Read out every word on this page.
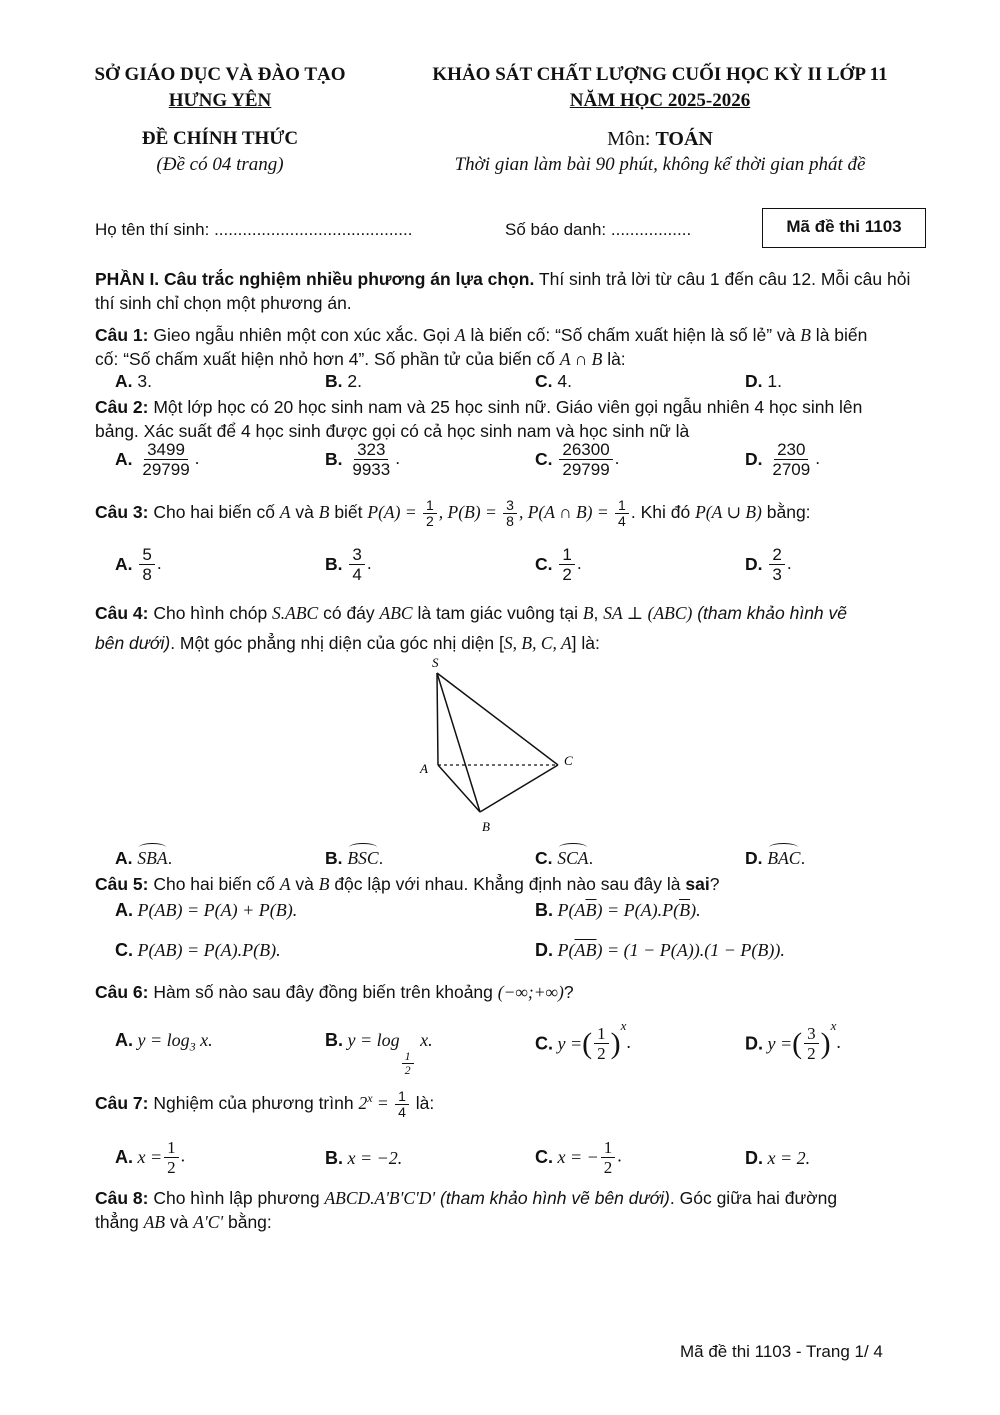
SỞ GIÁO DỤC VÀ ĐÀO TẠO
HƯNG YÊN
ĐỀ CHÍNH THỨC
(Đề có 04 trang)
KHẢO SÁT CHẤT LƯỢNG CUỐI HỌC KỲ II LỚP 11
NĂM HỌC 2025-2026
Môn: TOÁN
Thời gian làm bài 90 phút, không kể thời gian phát đề
Họ tên thí sinh: ..........................................	Số báo danh: .................	Mã đề thi 1103
PHẦN I. Câu trắc nghiệm nhiều phương án lựa chọn. Thí sinh trả lời từ câu 1 đến câu 12. Mỗi câu hỏi thí sinh chỉ chọn một phương án.
Câu 1: Gieo ngẫu nhiên một con xúc xắc. Gọi A là biến cố: “Số chấm xuất hiện là số lẻ” và B là biến
cố: “Số chấm xuất hiện nhỏ hơn 4”. Số phần tử của biến cố A ∩ B là:
A. 3.	B. 2.	C. 4.	D. 1.
Câu 2: Một lớp học có 20 học sinh nam và 25 học sinh nữ. Giáo viên gọi ngẫu nhiên 4 học sinh lên
bảng. Xác suất để 4 học sinh được gọi có cả học sinh nam và học sinh nữ là
A. $\frac{3499}{29799}$ .	B. $\frac{323}{9933}$ .	C. $\frac{26300}{29799}$ .	D. $\frac{230}{2709}$ .
Câu 3: Cho hai biến cố A và B biết $P(A) = \frac{1}{2}$ , $P(B) = \frac{3}{8}$ , P(A ∩ $B) = \frac{1}{4}$ . Khi đó P(A ∪ B) bằng:
A. $\frac{5}{8}$ .	B. $\frac{3}{4}$ .	C. $\frac{1}{2}$ .	D. $\frac{2}{3}$ .
Câu 4: Cho hình chóp S.ABC có đáy ABC là tam giác vuông tại B, SA ⊥ (ABC) (tham khảo hình vẽ
bên dưới). Một góc phẳng nhị diện của góc nhị diện [S, B, C, A] là:
S
A
B
C
A. SBA.	B. BSC.	C. SCA.	D. BAC.
Câu 5: Cho hai biến cố A và B độc lập với nhau. Khẳng định nào sau đây là sai?
A. P(AB) = P(A) + P(B).	B. $P(A\overline{B}) = P(A).P(\overline{B})$.
C. P(AB) = P(A).P(B).	D. $P(\overline{AB}) = (1 - P(A)).(1 - P(B))$.
Câu 6: Hàm số nào sau đây đồng biến trên khoảng (−∞;+∞)?
A. $y = \log_3 x$.	B. y = log
$\frac{1}{2}$
x.	C. y =( $\frac{1}{2} )^x$.	D. y =( $\frac{3}{2} )^x$.
Câu 7: Nghiệm của phương trình $2^x = \frac{1}{4}$ là:
A. $x = \frac{1}{2}$ .	B. x = −2.	C. x = − $\frac{1}{2}$ .	D. x = 2.
Câu 8: Cho hình lập phương ABCD.A'B'C'D' (tham khảo hình vẽ bên dưới). Góc giữa hai đường
thẳng AB và A'C' bằng:
Mã đề thi 1103 - Trang 1/ 4
